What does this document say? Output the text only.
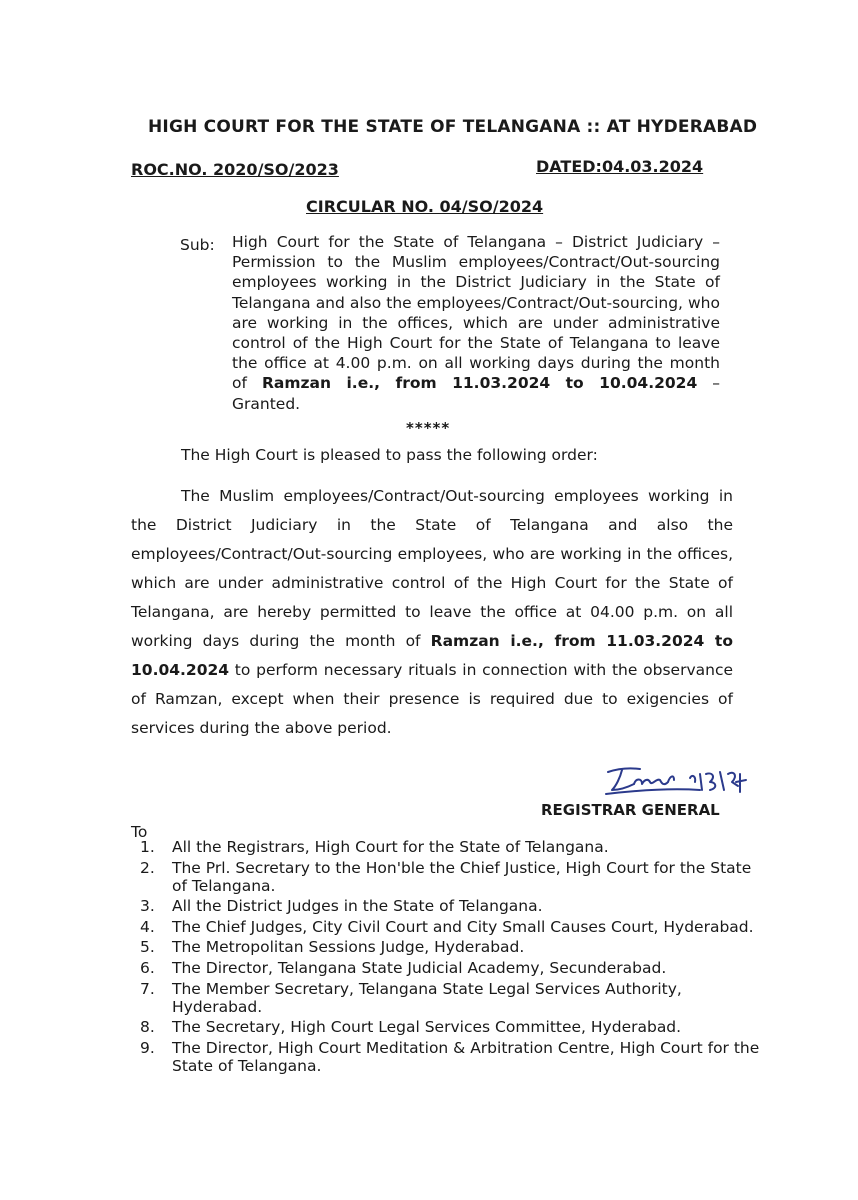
HIGH COURT FOR THE STATE OF TELANGANA :: AT HYDERABAD
ROC.NO. 2020/SO/2023	DATED:04.03.2024
CIRCULAR NO. 04/SO/2024
Sub: High Court for the State of Telangana – District Judiciary – Permission to the Muslim employees/Contract/Out-sourcing employees working in the District Judiciary in the State of Telangana and also the employees/Contract/Out-sourcing, who are working in the offices, which are under administrative control of the High Court for the State of Telangana to leave the office at 4.00 p.m. on all working days during the month of Ramzan i.e., from 11.03.2024 to 10.04.2024 – Granted.
*****
The High Court is pleased to pass the following order:
The Muslim employees/Contract/Out-sourcing employees working in the District Judiciary in the State of Telangana and also the employees/Contract/Out-sourcing employees, who are working in the offices, which are under administrative control of the High Court for the State of Telangana, are hereby permitted to leave the office at 04.00 p.m. on all working days during the month of Ramzan i.e., from 11.03.2024 to 10.04.2024 to perform necessary rituals in connection with the observance of Ramzan, except when their presence is required due to exigencies of services during the above period.
REGISTRAR GENERAL
To
1.	All the Registrars, High Court for the State of Telangana.
2.	The Prl. Secretary to the Hon'ble the Chief Justice, High Court for the State of Telangana.
3.	All the District Judges in the State of Telangana.
4.	The Chief Judges, City Civil Court and City Small Causes Court, Hyderabad.
5.	The Metropolitan Sessions Judge, Hyderabad.
6.	The Director, Telangana State Judicial Academy, Secunderabad.
7.	The Member Secretary, Telangana State Legal Services Authority, Hyderabad.
8.	The Secretary, High Court Legal Services Committee, Hyderabad.
9.	The Director, High Court Meditation & Arbitration Centre, High Court for the State of Telangana.
